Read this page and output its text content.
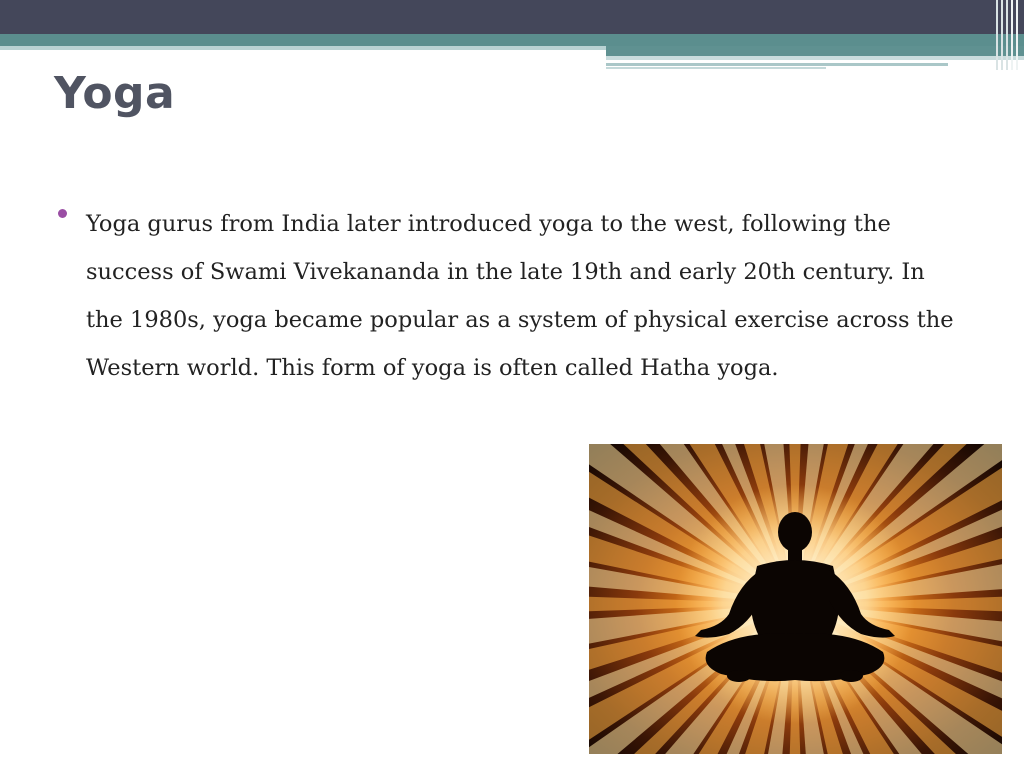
Yoga

Yoga gurus from India later introduced yoga to the west, following the success of Swami Vivekananda in the late 19th and early 20th century. In the 1980s, yoga became popular as a system of physical exercise across the Western world. This form of yoga is often called Hatha yoga.
